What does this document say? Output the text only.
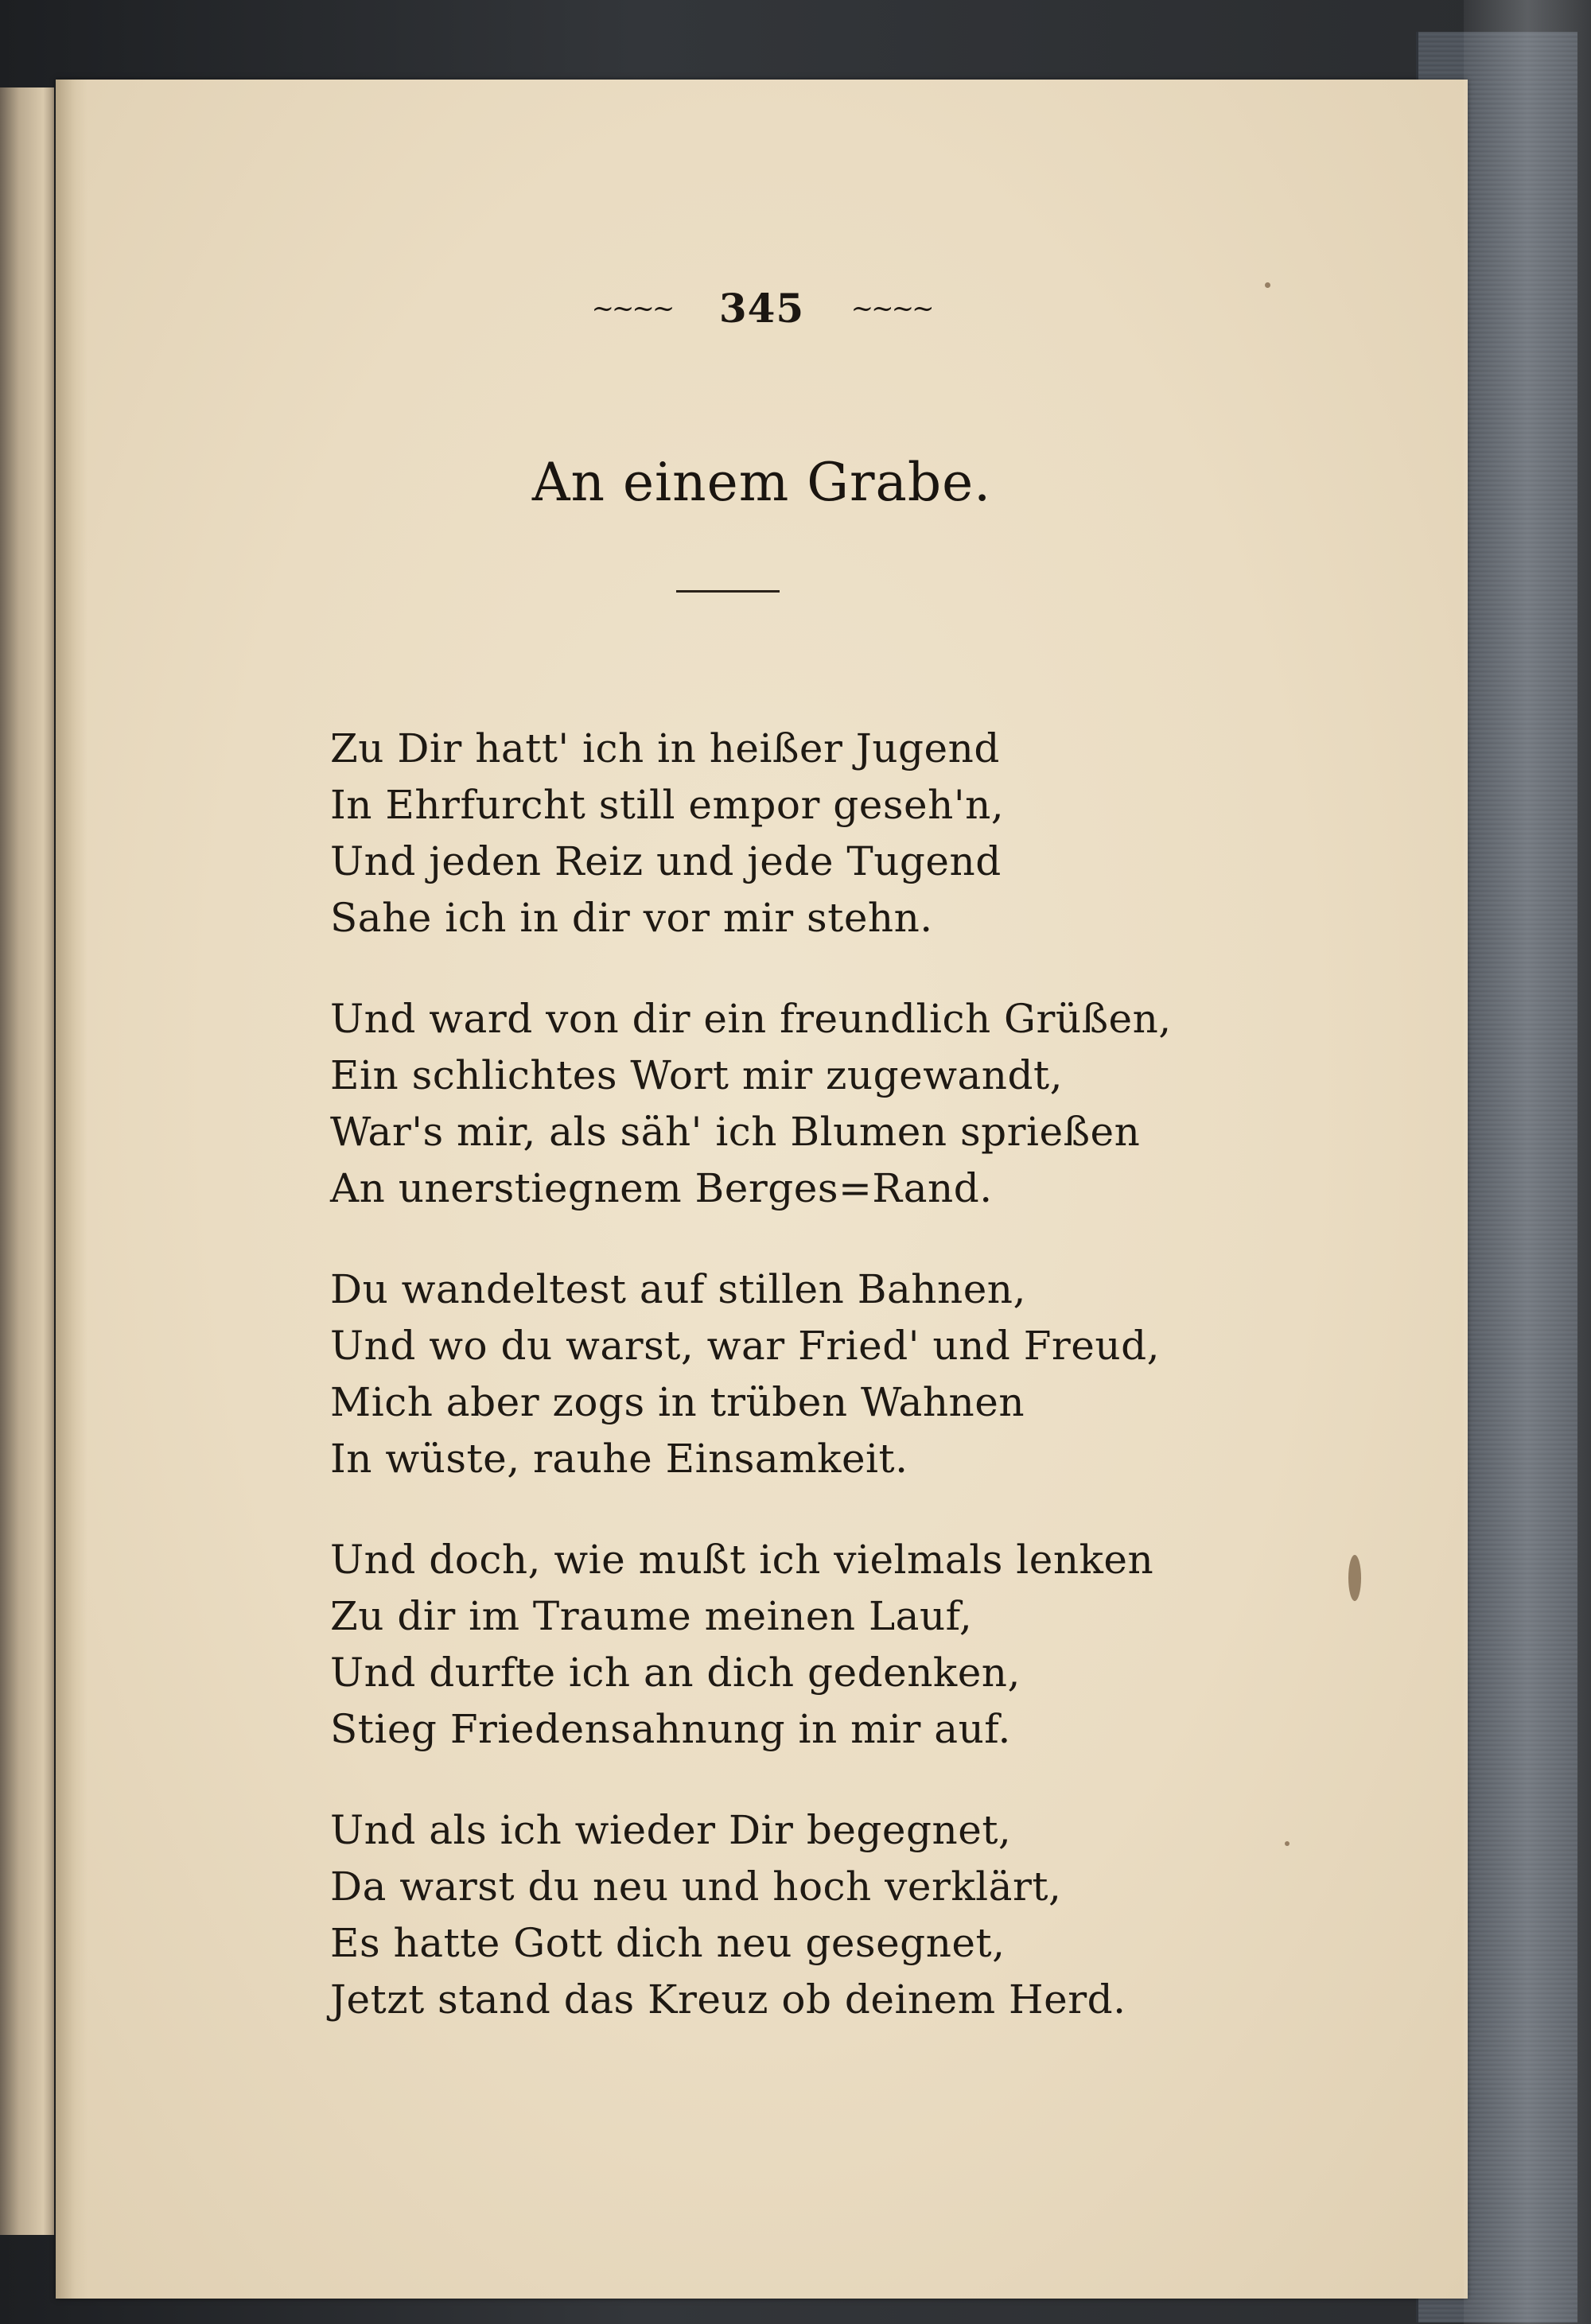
~~~~ 345 ~~~~
An einem Grabe.
Zu Dir hatt' ich in heißer Jugend
In Ehrfurcht still empor geseh'n,
Und jeden Reiz und jede Tugend
Sahe ich in dir vor mir stehn.
Und ward von dir ein freundlich Grüßen,
Ein schlichtes Wort mir zugewandt,
War's mir, als säh' ich Blumen sprießen
An unerstiegnem Berges=Rand.
Du wandeltest auf stillen Bahnen,
Und wo du warst, war Fried' und Freud,
Mich aber zogs in trüben Wahnen
In wüste, rauhe Einsamkeit.
Und doch, wie mußt ich vielmals lenken
Zu dir im Traume meinen Lauf,
Und durfte ich an dich gedenken,
Stieg Friedensahnung in mir auf.
Und als ich wieder Dir begegnet,
Da warst du neu und hoch verklärt,
Es hatte Gott dich neu gesegnet,
Jetzt stand das Kreuz ob deinem Herd.
